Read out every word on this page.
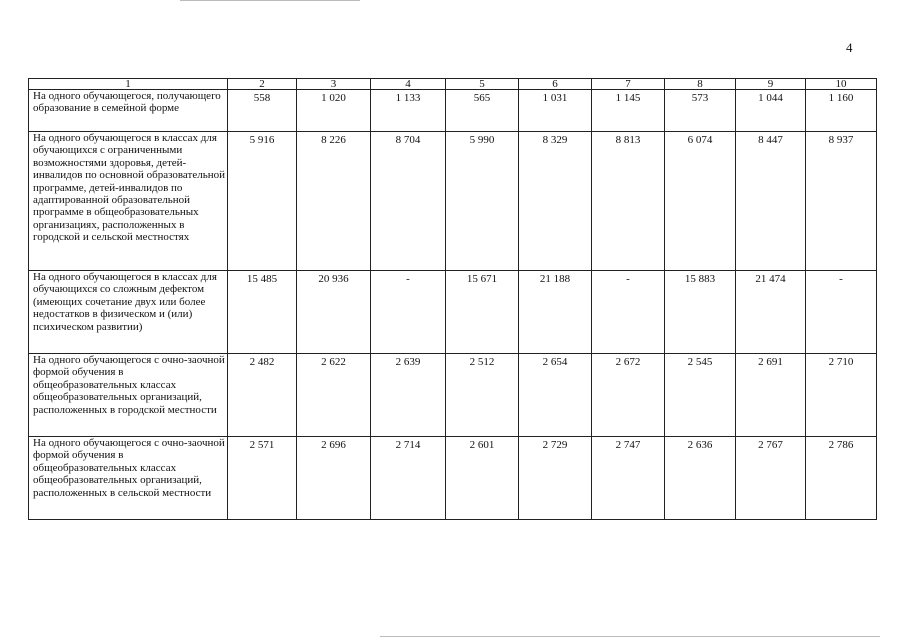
4
1	2	3	4	5	6	7	8	9	10
На одного обучающегося, получающего образование в семейной форме	558	1 020	1 133	565	1 031	1 145	573	1 044	1 160
На одного обучающегося в классах для обучающихся с ограниченными возможностями здоровья, детей-инвалидов по основной образовательной программе, детей-инвалидов по адаптированной образовательной программе в общеобразовательных организациях, расположенных в городской и сельской местностях	5 916	8 226	8 704	5 990	8 329	8 813	6 074	8 447	8 937
На одного обучающегося в классах для обучающихся со сложным дефектом (имеющих сочетание двух или более недостатков в физическом и (или) психическом развитии)	15 485	20 936	-	15 671	21 188	-	15 883	21 474	-
На одного обучающегося с очно-заочной формой обучения в общеобразовательных классах общеобразовательных организаций, расположенных в городской местности	2 482	2 622	2 639	2 512	2 654	2 672	2 545	2 691	2 710
На одного обучающегося с очно-заочной формой обучения в общеобразовательных классах общеобразовательных организаций, расположенных в сельской местности	2 571	2 696	2 714	2 601	2 729	2 747	2 636	2 767	2 786
